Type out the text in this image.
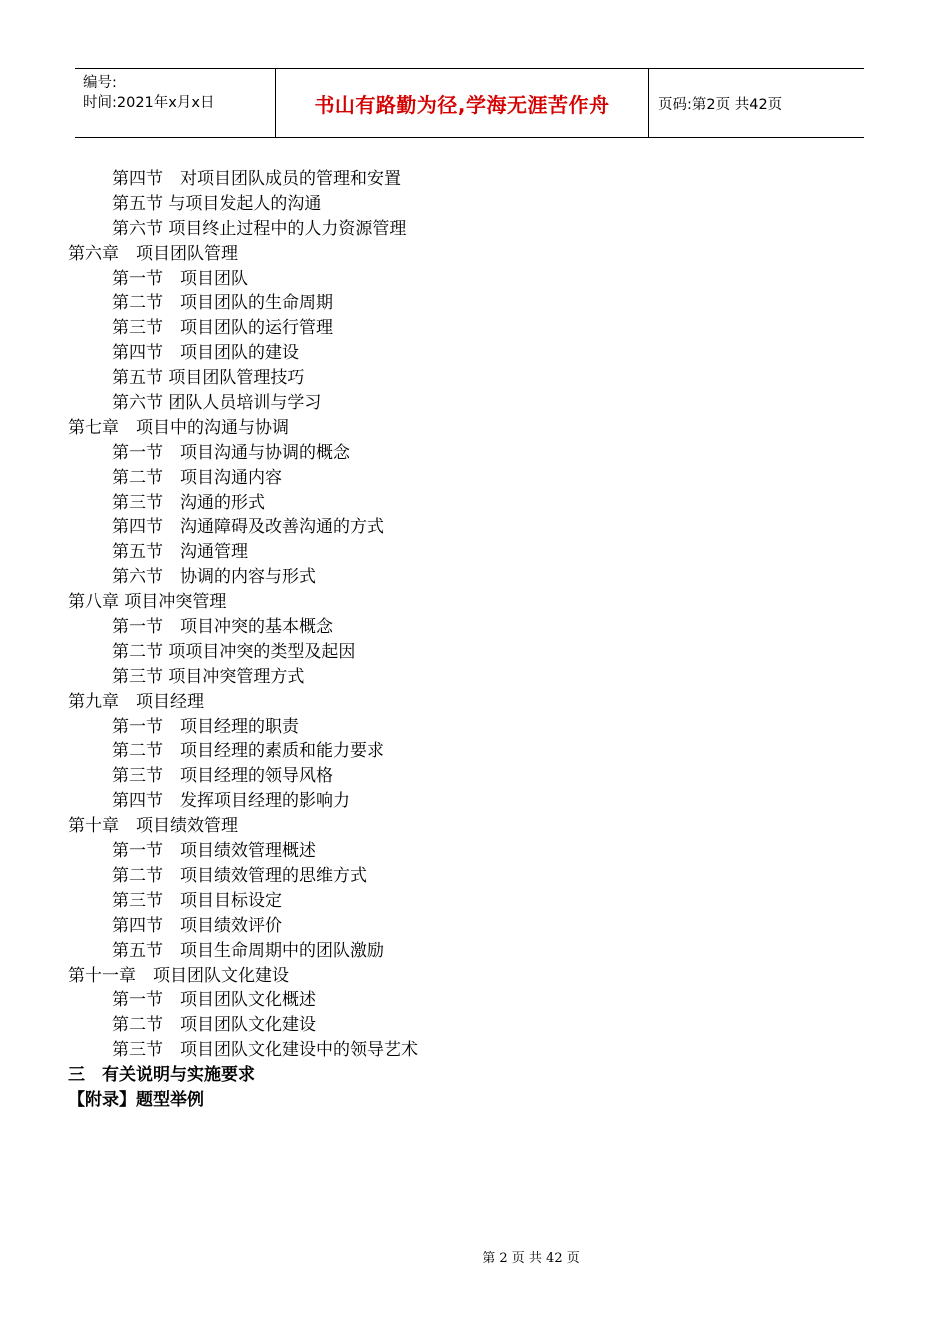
编号:
时间:2021年x月x日	书山有路勤为径,学海无涯苦作舟	页码:第2页 共42页
第四节　对项目团队成员的管理和安置
第五节 与项目发起人的沟通
第六节 项目终止过程中的人力资源管理
第六章　项目团队管理
第一节　项目团队
第二节　项目团队的生命周期
第三节　项目团队的运行管理
第四节　项目团队的建设
第五节 项目团队管理技巧
第六节 团队人员培训与学习
第七章　项目中的沟通与协调
第一节　项目沟通与协调的概念
第二节　项目沟通内容
第三节　沟通的形式
第四节　沟通障碍及改善沟通的方式
第五节　沟通管理
第六节　协调的内容与形式
第八章 项目冲突管理
第一节　项目冲突的基本概念
第二节 项项目冲突的类型及起因
第三节 项目冲突管理方式
第九章　项目经理
第一节　项目经理的职责
第二节　项目经理的素质和能力要求
第三节　项目经理的领导风格
第四节　发挥项目经理的影响力
第十章　项目绩效管理
第一节　项目绩效管理概述
第二节　项目绩效管理的思维方式
第三节　项目目标设定
第四节　项目绩效评价
第五节　项目生命周期中的团队激励
第十一章　项目团队文化建设
第一节　项目团队文化概述
第二节　项目团队文化建设
第三节　项目团队文化建设中的领导艺术
三　有关说明与实施要求
【附录】题型举例
第 2 页 共 42 页
